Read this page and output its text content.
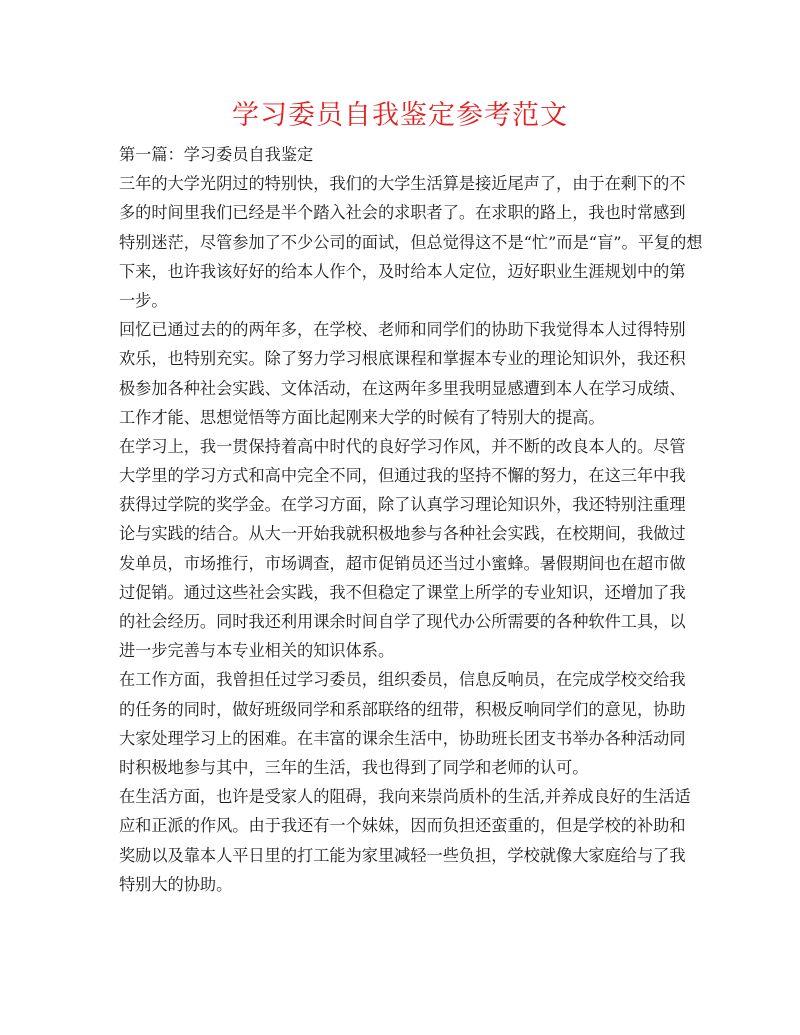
学习委员自我鉴定参考范文
第一篇：学习委员自我鉴定
三年的大学光阴过的特别快，我们的大学生活算是接近尾声了，由于在剩下的不
多的时间里我们已经是半个踏入社会的求职者了。在求职的路上，我也时常感到
特别迷茫，尽管参加了不少公司的面试，但总觉得这不是“忙”而是“盲”。平复的想
下来，也许我该好好的给本人作个，及时给本人定位，迈好职业生涯规划中的第
一步。
回忆已通过去的的两年多，在学校、老师和同学们的协助下我觉得本人过得特别
欢乐，也特别充实。除了努力学习根底课程和掌握本专业的理论知识外，我还积
极参加各种社会实践、文体活动，在这两年多里我明显感遭到本人在学习成绩、
工作才能、思想觉悟等方面比起刚来大学的时候有了特别大的提高。
在学习上，我一贯保持着高中时代的良好学习作风，并不断的改良本人的。尽管
大学里的学习方式和高中完全不同，但通过我的坚持不懈的努力，在这三年中我
获得过学院的奖学金。在学习方面，除了认真学习理论知识外，我还特别注重理
论与实践的结合。从大一开始我就积极地参与各种社会实践，在校期间，我做过
发单员，市场推行，市场调查，超市促销员还当过小蜜蜂。暑假期间也在超市做
过促销。通过这些社会实践，我不但稳定了课堂上所学的专业知识，还增加了我
的社会经历。同时我还利用课余时间自学了现代办公所需要的各种软件工具，以
进一步完善与本专业相关的知识体系。
在工作方面，我曾担任过学习委员，组织委员，信息反响员，在完成学校交给我
的任务的同时，做好班级同学和系部联络的纽带，积极反响同学们的意见，协助
大家处理学习上的困难。在丰富的课余生活中，协助班长团支书举办各种活动同
时积极地参与其中，三年的生活，我也得到了同学和老师的认可。
在生活方面，也许是受家人的阻碍，我向来崇尚质朴的生活,并养成良好的生活适
应和正派的作风。由于我还有一个妹妹，因而负担还蛮重的，但是学校的补助和
奖励以及靠本人平日里的打工能为家里减轻一些负担，学校就像大家庭给与了我
特别大的协助。
